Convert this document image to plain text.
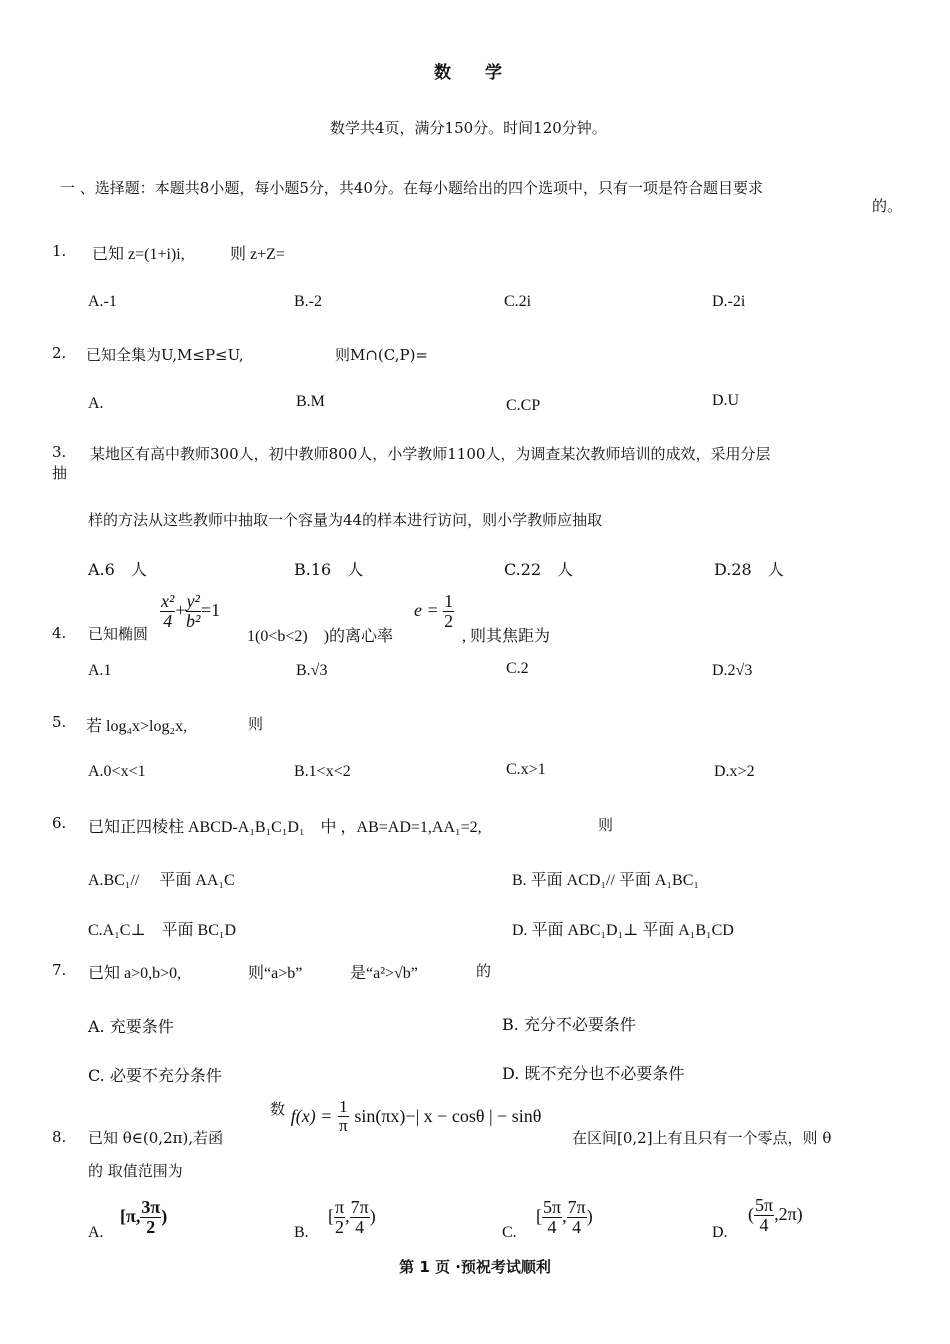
数 学
数学共4页，满分150分。时间120分钟。
一 、选择题：本题共8小题，每小题5分，共40分。在每小题给出的四个选项中，只有一项是符合题目要求
的。
1. 已知 z=(1+i)i,	则 z+Z=
A.-1	B.-2	C.2i	D.-2i
2. 已知全集为U,M≤P≤U,	则M∩(C,P)=
A.	B.M	C.CP	D.U
3. 某地区有高中教师300人，初中教师800人，小学教师1100人，为调查某次教师培训的成效，采用分层
抽
样的方法从这些教师中抽取一个容量为44的样本进行访问，则小学教师应抽取
A.6　人	B.16　人	C.22　人	D.28　人
4. 已知椭圆
$\frac{\text{x²}}{4} + \frac{\text{y²}}{\text{b²}} =1$
1(0<b<2)　)的离心率
$e = \frac{1}{2}$
, 则其焦距为
A.1	B.√3	C.2	D.2√3
5. 若 log₄x>log₂x,	则
A.0<x<1	B.1<x<2	C.x>1	D.x>2
6. 已知正四棱柱 ABCD-A₁B₁C₁D₁　中 ，AB=AD=1,AA₁=2,	则
A.BC₁//　 平面 AA₁C	B. 平面 ACD₁// 平面 A₁BC₁
C.A₁C⊥　平面 BC₁D	D. 平面 ABC₁D₁⊥ 平面 A₁B₁CD
7. 已知 a>0,b>0,	则“a>b”	是“a²>√b”	的
A. 充要条件	B. 充分不必要条件
C. 必要不充分条件	D. 既不充分也不必要条件
8. 已知 θ∈(0,2π),若函
$^数$ $f(x) = \frac{1}{\pi} \sin(\pi x)-|$ x − cosθ | − sinθ
在区间[0,2]上有且只有一个零点，则 θ
的 取值范围为
A.
[π, $\frac{3\pi}{2}$ )
B.
[ $\frac{\pi}{2}$ , $\frac{7\pi}{4}$ )
C.
[ $\frac{5\pi}{4}$ , $\frac{7\pi}{4}$ )
D.
( $\frac{5\pi}{4} ,2\pi$)
第 1 页 ·预祝考试顺利
